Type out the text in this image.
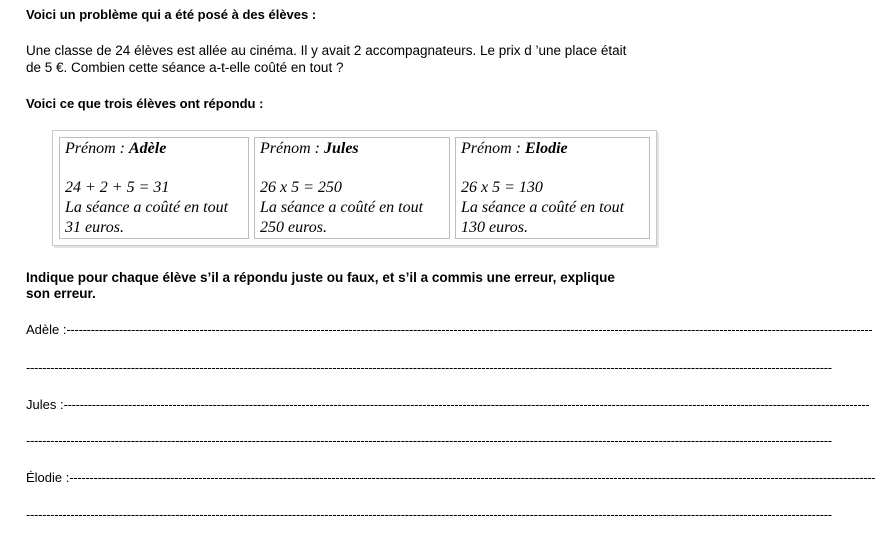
Voici un problème qui a été posé à des élèves :
Une classe de 24 élèves est allée au cinéma. Il y avait 2 accompagnateurs. Le prix d ’une place était
de 5 €. Combien cette séance a-t-elle coûté en tout ?
Voici ce que trois élèves ont répondu :
Prénom : Adèle
24 + 2 + 5 = 31
La séance a coûté en tout
31 euros.
Prénom : Jules
26 x 5 = 250
La séance a coûté en tout
250 euros.
Prénom : Elodie
26 x 5 = 130
La séance a coûté en tout
130 euros.
Indique pour chaque élève s’il a répondu juste ou faux, et s’il a commis une erreur, explique
son erreur.
Adèle : --------------------------------------------------------------------------------------------------------------------------------------------------------------------------------------------------------
--------------------------------------------------------------------------------------------------------------------------------------------------------------------------------------------------------
Jules : --------------------------------------------------------------------------------------------------------------------------------------------------------------------------------------------------------
--------------------------------------------------------------------------------------------------------------------------------------------------------------------------------------------------------
Élodie : --------------------------------------------------------------------------------------------------------------------------------------------------------------------------------------------------------
--------------------------------------------------------------------------------------------------------------------------------------------------------------------------------------------------------
